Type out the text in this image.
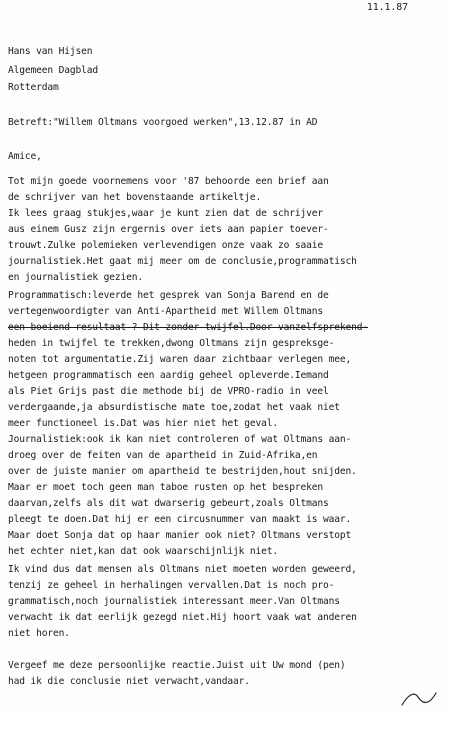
11.1.87

Hans van Hijsen

Algemeen Dagblad

Rotterdam

Betreft:"Willem Oltmans voorgoed werken",13.12.87 in AD

Amice,

Tot mijn goede voornemens voor '87 behoorde een brief aan

de schrijver van het bovenstaande artikeltje.

Ik lees graag stukjes,waar je kunt zien dat de schrijver

aus einem Gusz zijn ergernis over iets aan papier toever-

trouwt.Zulke polemieken verlevendigen onze vaak zo saaie

journalistiek.Het gaat mij meer om de conclusie,programmatisch

en journalistiek gezien.

Programmatisch:leverde het gesprek van Sonja Barend en de

vertegenwoordigter van Anti-Apartheid met Willem Oltmans

een boeiend resultaat ? Dit zonder twijfel.Door vanzelfsprekend-

heden in twijfel te trekken,dwong Oltmans zijn gespreksge-

noten tot argumentatie.Zij waren daar zichtbaar verlegen mee,

hetgeen programmatisch een aardig geheel opleverde.Iemand

als Piet Grijs past die methode bij de VPRO-radio in veel

verdergaande,ja absurdistische mate toe,zodat het vaak niet

meer functioneel is.Dat was hier niet het geval.

Journalistiek:ook ik kan niet controleren of wat Oltmans aan-

droeg over de feiten van de apartheid in Zuid-Afrika,en

over de juiste manier om apartheid te bestrijden,hout snijden.

Maar er moet toch geen man taboe rusten op het bespreken

daarvan,zelfs als dit wat dwarserig gebeurt,zoals Oltmans

pleegt te doen.Dat hij er een circusnummer van maakt is waar.

Maar doet Sonja dat op haar manier ook niet? Oltmans verstopt

het echter niet,kan dat ook waarschijnlijk niet.

Ik vind dus dat mensen als Oltmans niet moeten worden geweerd,

tenzij ze geheel in herhalingen vervallen.Dat is noch pro-

grammatisch,noch journalistiek interessant meer.Van Oltmans

verwacht ik dat eerlijk gezegd niet.Hij hoort vaak wat anderen

niet horen.

Vergeef me deze persoonlijke reactie.Juist uit Uw mond (pen)

had ik die conclusie niet verwacht,vandaar.
